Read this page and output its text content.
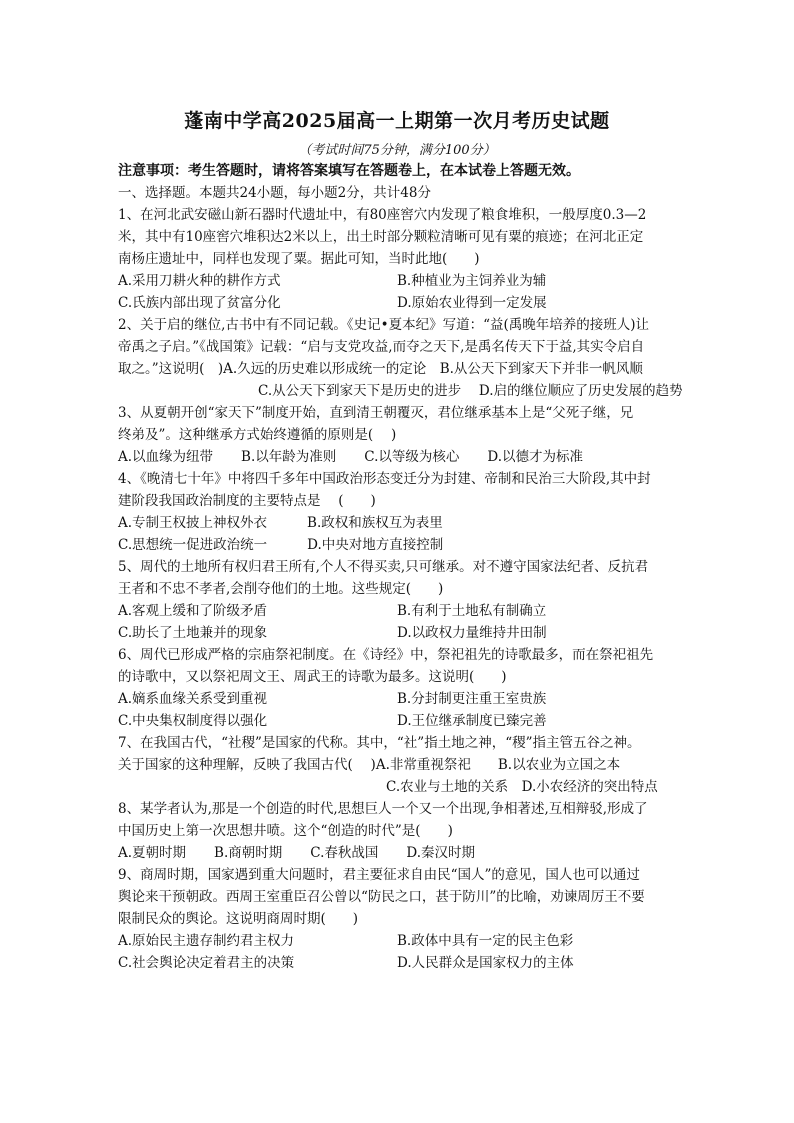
蓬南中学高2025届高一上期第一次月考历史试题
（考试时间75分钟，满分100分）

注意事项：考生答题时，请将答案填写在答题卷上，在本试卷上答题无效。

一、选择题。本题共24小题，每小题2分，共计48分

1、在河北武安磁山新石器时代遗址中，有80座窖穴内发现了粮食堆积，一般厚度0.3—2

米，其中有10座窖穴堆积达2米以上，出土时部分颗粒清晰可见有粟的痕迹；在河北正定

南杨庄遗址中，同样也发现了粟。据此可知，当时此地(　　)

A.采用刀耕火种的耕作方式	B.种植业为主饲养业为辅
C.氏族内部出现了贫富分化	D.原始农业得到一定发展

2、关于启的继位,古书中有不同记载。《史记•夏本纪》写道：“益(禹晚年培养的接班人)让

帝禹之子启。”《战国策》记载：“启与支党攻益,而夺之天下,是禹名传天下于益,其实令启自

取之。”这说明(　)A.久远的历史难以形成统一的定论　B.从公天下到家天下并非一帆风顺

C.从公天下到家天下是历史的进步　 D.启的继位顺应了历史发展的趋势

3、从夏朝开创“家天下”制度开始，直到清王朝覆灭，君位继承基本上是“父死子继，兄

终弟及”。这种继承方式始终遵循的原则是(　 )

A.以血缘为纽带 B.以年龄为准则 C.以等级为核心 D.以德才为标准

4、《晚清七十年》中将四千多年中国政治形态变迁分为封建、帝制和民治三大阶段,其中封

建阶段我国政治制度的主要特点是　 (　　)

A.专制王权披上神权外衣	B.政权和族权互为表里
C.思想统一促进政治统一	D.中央对地方直接控制

5、周代的土地所有权归君王所有,个人不得买卖,只可继承。对不遵守国家法纪者、反抗君

王者和不忠不孝者,会削夺他们的土地。这些规定(　　)

A.客观上缓和了阶级矛盾	B.有利于土地私有制确立
C.助长了土地兼并的现象	D.以政权力量维持井田制

6、周代已形成严格的宗庙祭祀制度。在《诗经》中，祭祀祖先的诗歌最多，而在祭祀祖先

的诗歌中，又以祭祀周文王、周武王的诗歌为最多。这说明(　　)

A.嫡系血缘关系受到重视	B.分封制更注重王室贵族
C.中央集权制度得以强化	D.王位继承制度已臻完善

7、在我国古代，“社稷”是国家的代称。其中，“社”指土地之神，“稷”指主管五谷之神。

关于国家的这种理解，反映了我国古代(　 )A.非常重视祭祀　　B.以农业为立国之本

C.农业与土地的关系　D.小农经济的突出特点

8、某学者认为,那是一个创造的时代,思想巨人一个又一个出现,争相著述,互相辩驳,形成了

中国历史上第一次思想井喷。这个“创造的时代”是(　　)

A.夏朝时期 B.商朝时期 C.春秋战国 D.秦汉时期

9、商周时期，国家遇到重大问题时，君主要征求自由民“国人”的意见，国人也可以通过

舆论来干预朝政。西周王室重臣召公曾以“防民之口，甚于防川”的比喻，劝谏周厉王不要

限制民众的舆论。这说明商周时期(　　)

A.原始民主遗存制约君主权力	B.政体中具有一定的民主色彩
C.社会舆论决定着君主的决策	D.人民群众是国家权力的主体
